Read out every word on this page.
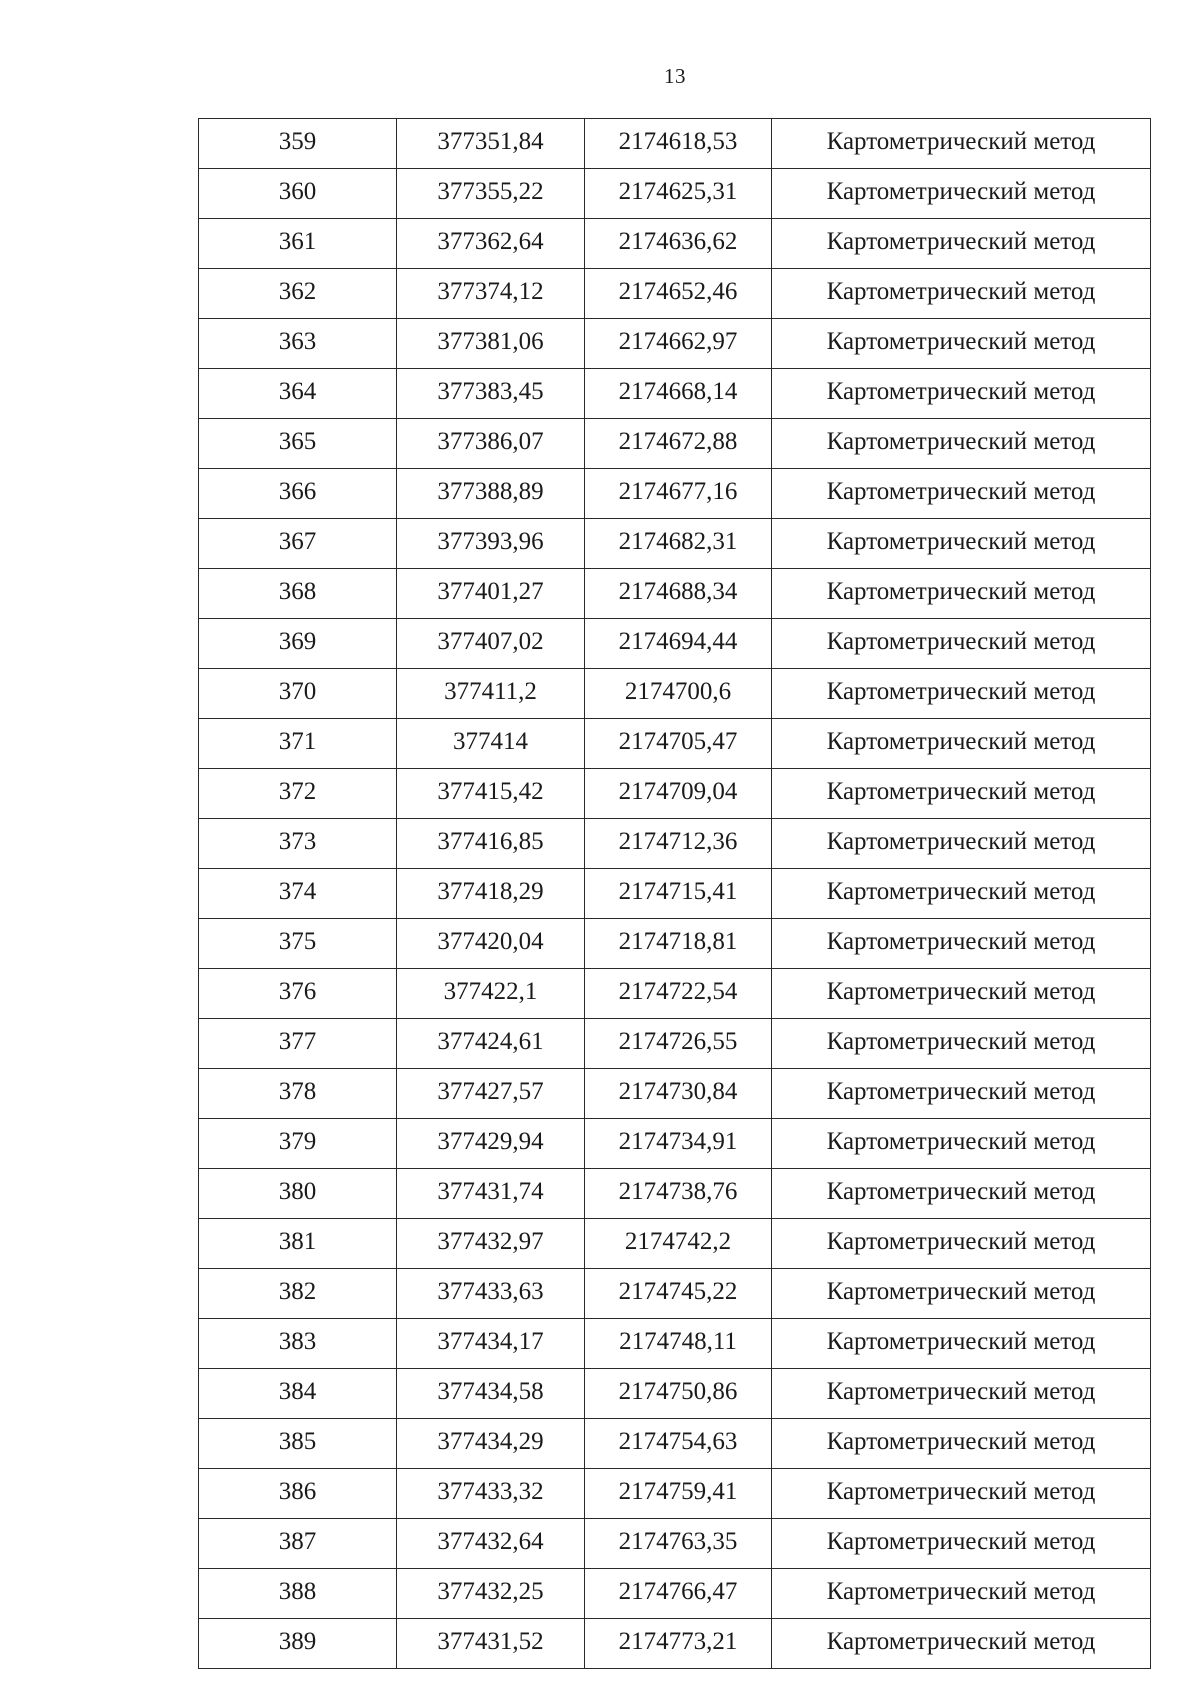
13
359	377351,84	2174618,53	Картометрический метод
360	377355,22	2174625,31	Картометрический метод
361	377362,64	2174636,62	Картометрический метод
362	377374,12	2174652,46	Картометрический метод
363	377381,06	2174662,97	Картометрический метод
364	377383,45	2174668,14	Картометрический метод
365	377386,07	2174672,88	Картометрический метод
366	377388,89	2174677,16	Картометрический метод
367	377393,96	2174682,31	Картометрический метод
368	377401,27	2174688,34	Картометрический метод
369	377407,02	2174694,44	Картометрический метод
370	377411,2	2174700,6	Картометрический метод
371	377414	2174705,47	Картометрический метод
372	377415,42	2174709,04	Картометрический метод
373	377416,85	2174712,36	Картометрический метод
374	377418,29	2174715,41	Картометрический метод
375	377420,04	2174718,81	Картометрический метод
376	377422,1	2174722,54	Картометрический метод
377	377424,61	2174726,55	Картометрический метод
378	377427,57	2174730,84	Картометрический метод
379	377429,94	2174734,91	Картометрический метод
380	377431,74	2174738,76	Картометрический метод
381	377432,97	2174742,2	Картометрический метод
382	377433,63	2174745,22	Картометрический метод
383	377434,17	2174748,11	Картометрический метод
384	377434,58	2174750,86	Картометрический метод
385	377434,29	2174754,63	Картометрический метод
386	377433,32	2174759,41	Картометрический метод
387	377432,64	2174763,35	Картометрический метод
388	377432,25	2174766,47	Картометрический метод
389	377431,52	2174773,21	Картометрический метод
